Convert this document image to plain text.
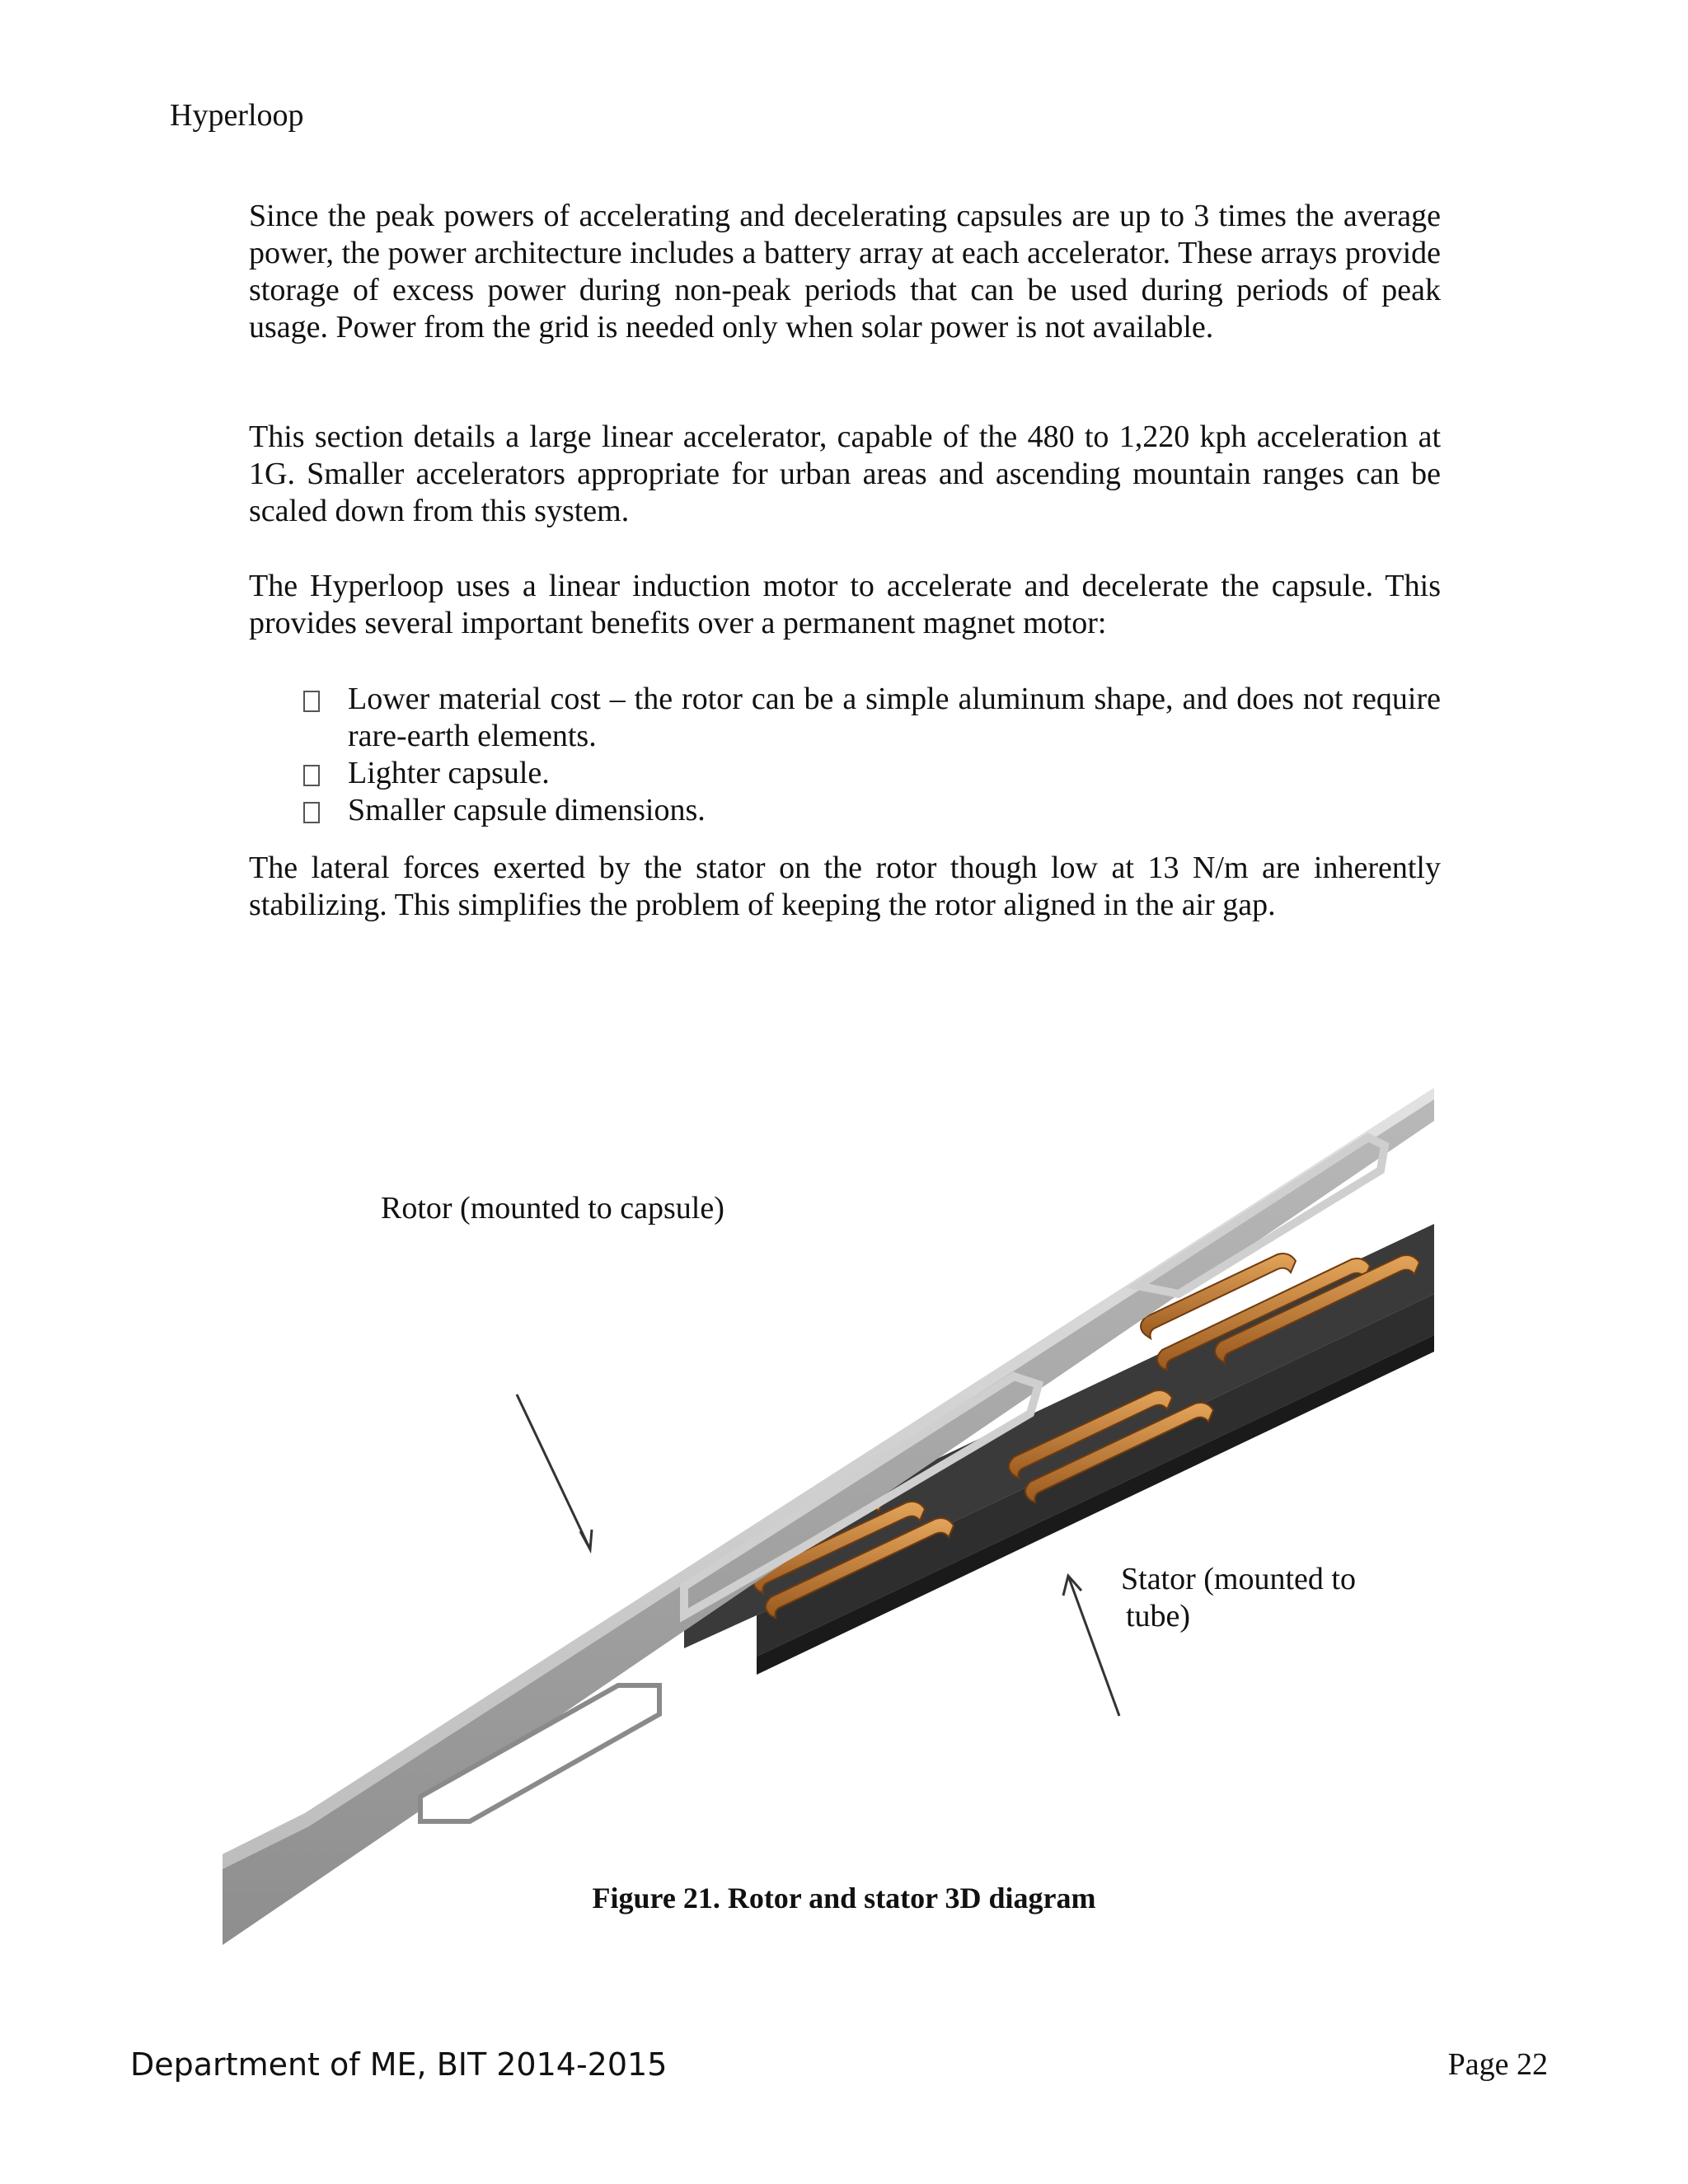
Hyperloop

Since the peak powers of accelerating and decelerating capsules are up to 3 times the average power, the power architecture includes a battery array at each accelerator. These arrays provide storage of excess power during non-peak periods that can be used during periods of peak usage. Power from the grid is needed only when solar power is not available.

This section details a large linear accelerator, capable of the 480 to 1,220 kph acceleration at 1G. Smaller accelerators appropriate for urban areas and ascending mountain ranges can be scaled down from this system.

The Hyperloop uses a linear induction motor to accelerate and decelerate the capsule. This provides several important benefits over a permanent magnet motor:

Lower material cost – the rotor can be a simple aluminum shape, and does not require rare-earth elements.
Lighter capsule.
Smaller capsule dimensions.

The lateral forces exerted by the stator on the rotor though low at 13 N/m are inherently stabilizing. This simplifies the problem of keeping the rotor aligned in the air gap.

Rotor (mounted to capsule)
Stator (mounted to
tube)
Figure 21. Rotor and stator 3D diagram
Department of ME, BIT 2014-2015	Page 22
